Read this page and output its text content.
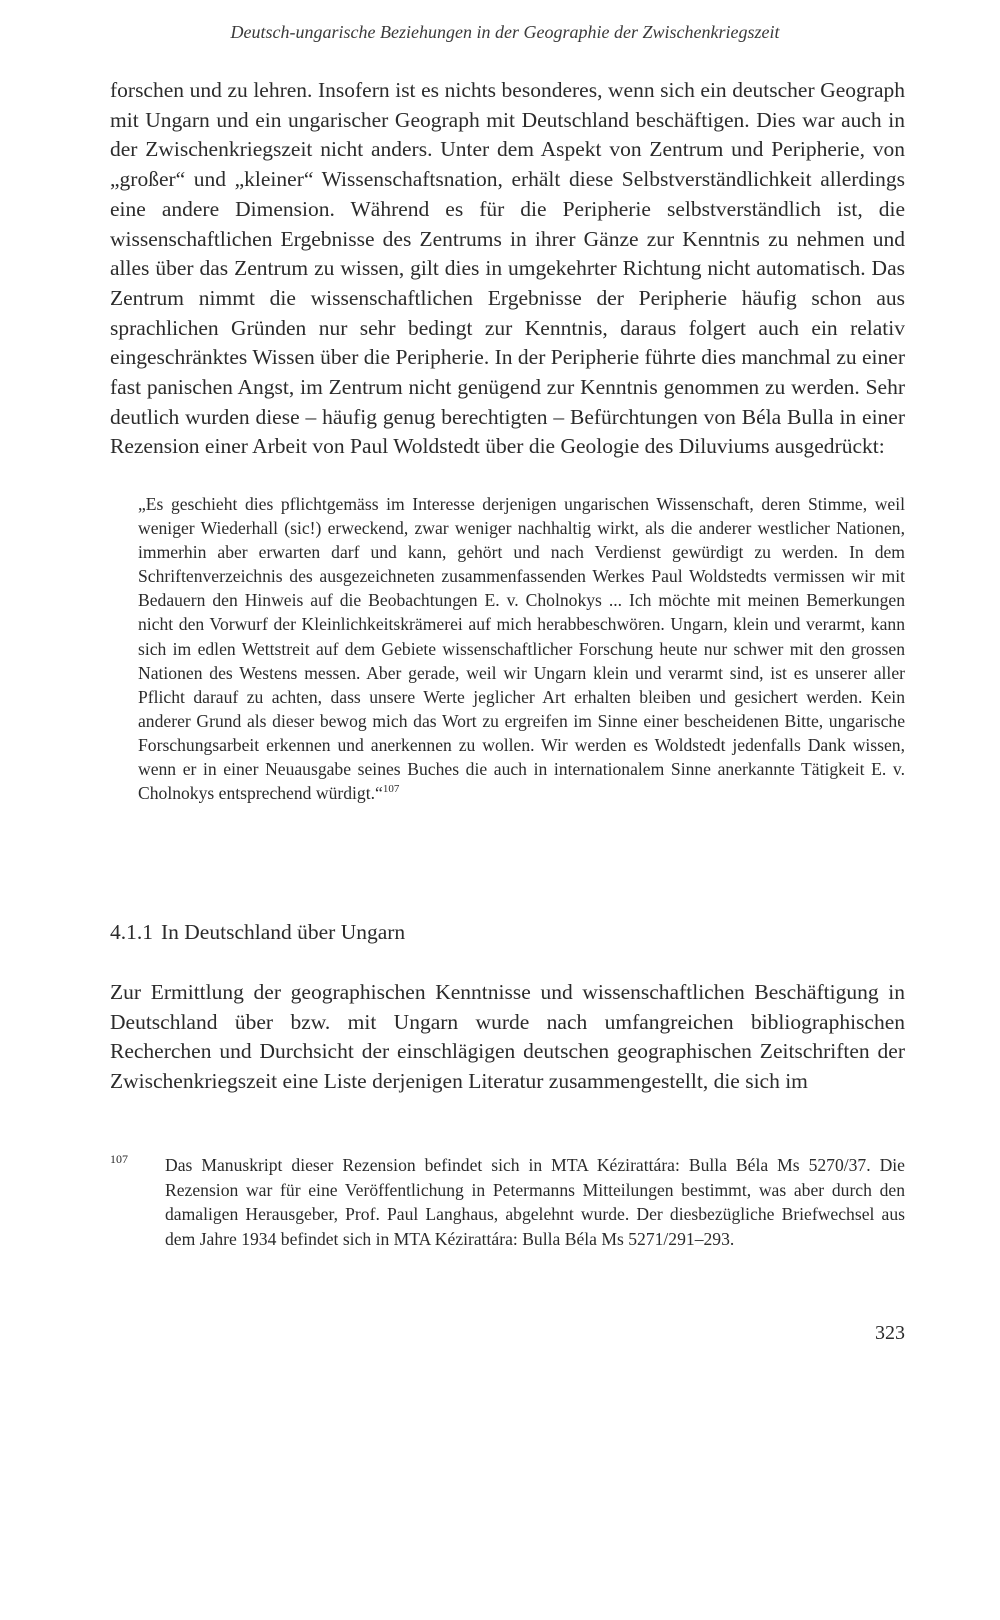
Deutsch-ungarische Beziehungen in der Geographie der Zwischenkriegszeit

forschen und zu lehren. Insofern ist es nichts besonderes, wenn sich ein deutscher Geograph mit Ungarn und ein ungarischer Geograph mit Deutschland beschäftigen. Dies war auch in der Zwischenkriegszeit nicht anders. Unter dem Aspekt von Zentrum und Peripherie, von „großer“ und „kleiner“ Wissenschaftsnation, erhält diese Selbstverständlichkeit allerdings eine andere Dimension. Während es für die Peripherie selbstverständlich ist, die wissenschaftlichen Ergebnisse des Zentrums in ihrer Gänze zur Kenntnis zu nehmen und alles über das Zentrum zu wissen, gilt dies in umgekehrter Richtung nicht automatisch. Das Zentrum nimmt die wissenschaftlichen Ergebnisse der Peripherie häufig schon aus sprachlichen Gründen nur sehr bedingt zur Kenntnis, daraus folgert auch ein relativ eingeschränktes Wissen über die Peripherie. In der Peripherie führte dies manchmal zu einer fast panischen Angst, im Zentrum nicht genügend zur Kenntnis genommen zu werden. Sehr deutlich wurden diese – häufig genug berechtigten – Befürchtungen von Béla Bulla in einer Rezension einer Arbeit von Paul Woldstedt über die Geologie des Diluviums ausgedrückt:

„Es geschieht dies pflichtgemäss im Interesse derjenigen ungarischen Wissenschaft, deren Stimme, weil weniger Wiederhall (sic!) erweckend, zwar weniger nachhaltig wirkt, als die anderer westlicher Nationen, immerhin aber erwarten darf und kann, gehört und nach Verdienst gewürdigt zu werden. In dem Schriftenverzeichnis des ausgezeichneten zusammenfassenden Werkes Paul Woldstedts vermissen wir mit Bedauern den Hinweis auf die Beobachtungen E. v. Cholnokys ... Ich möchte mit meinen Bemerkungen nicht den Vorwurf der Kleinlichkeitskrämerei auf mich herabbeschwören. Ungarn, klein und verarmt, kann sich im edlen Wettstreit auf dem Gebiete wissenschaftlicher Forschung heute nur schwer mit den grossen Nationen des Westens messen. Aber gerade, weil wir Ungarn klein und verarmt sind, ist es unserer aller Pflicht darauf zu achten, dass unsere Werte jeglicher Art erhalten bleiben und gesichert werden. Kein anderer Grund als dieser bewog mich das Wort zu ergreifen im Sinne einer bescheidenen Bitte, ungarische Forschungsarbeit erkennen und anerkennen zu wollen. Wir werden es Woldstedt jedenfalls Dank wissen, wenn er in einer Neuausgabe seines Buches die auch in internationalem Sinne anerkannte Tätigkeit E. v. Cholnokys entsprechend würdigt.“$^{107}$

4.1.1 In Deutschland über Ungarn

Zur Ermittlung der geographischen Kenntnisse und wissenschaftlichen Beschäftigung in Deutschland über bzw. mit Ungarn wurde nach umfangreichen bibliographischen Recherchen und Durchsicht der einschlägigen deutschen geographischen Zeitschriften der Zwischenkriegszeit eine Liste derjenigen Literatur zusammengestellt, die sich im

107 Das Manuskript dieser Rezension befindet sich in MTA Kézirattára: Bulla Béla Ms 5270/37. Die Rezension war für eine Veröffentlichung in Petermanns Mitteilungen bestimmt, was aber durch den damaligen Herausgeber, Prof. Paul Langhaus, abgelehnt wurde. Der diesbezügliche Briefwechsel aus dem Jahre 1934 befindet sich in MTA Kézirattára: Bulla Béla Ms 5271/291–293.
323
